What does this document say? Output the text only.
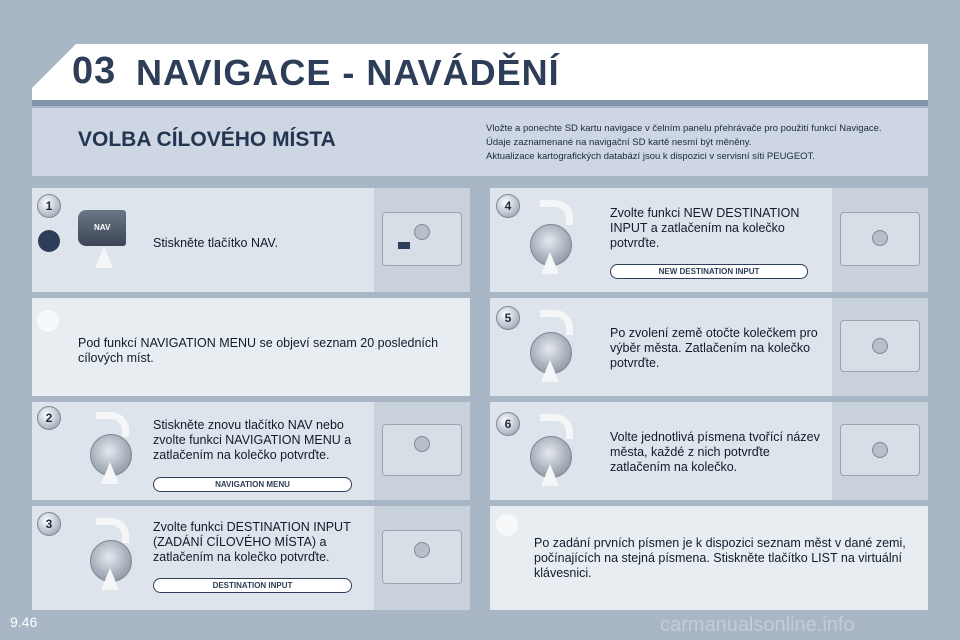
03 NAVIGACE - NAVÁDĚNÍ
VOLBA CÍLOVÉHO MÍSTA	Vložte a ponechte SD kartu navigace v čelním panelu přehrávače pro použití funkcí Navigace.
Údaje zaznamenané na navigační SD kartě nesmí být měněny.
Aktualizace kartografických databází jsou k dispozici v servisní síti PEUGEOT.
1
NAV
Stiskněte tlačítko NAV.
Pod funkcí NAVIGATION MENU se objeví seznam 20 posledních cílových míst.
2	Stiskněte znovu tlačítko NAV nebo zvolte funkci NAVIGATION MENU a zatlačením na kolečko potvrďte.
NAVIGATION MENU
3	Zvolte funkci DESTINATION INPUT (ZADÁNÍ CÍLOVÉHO MÍSTA) a zatlačením na kolečko potvrďte.
DESTINATION INPUT
4	Zvolte funkci NEW DESTINATION INPUT a zatlačením na kolečko potvrďte.
NEW DESTINATION INPUT
5
Po zvolení země otočte kolečkem pro výběr města. Zatlačením na kolečko potvrďte.
6
Volte jednotlivá písmena tvořící název města, každé z nich potvrďte zatlačením na kolečko.
Po zadání prvních písmen je k dispozici seznam měst v dané zemi, počínajících na stejná písmena. Stiskněte tlačítko LIST na virtuální klávesnici.
9.46	carmanualsonline.info
